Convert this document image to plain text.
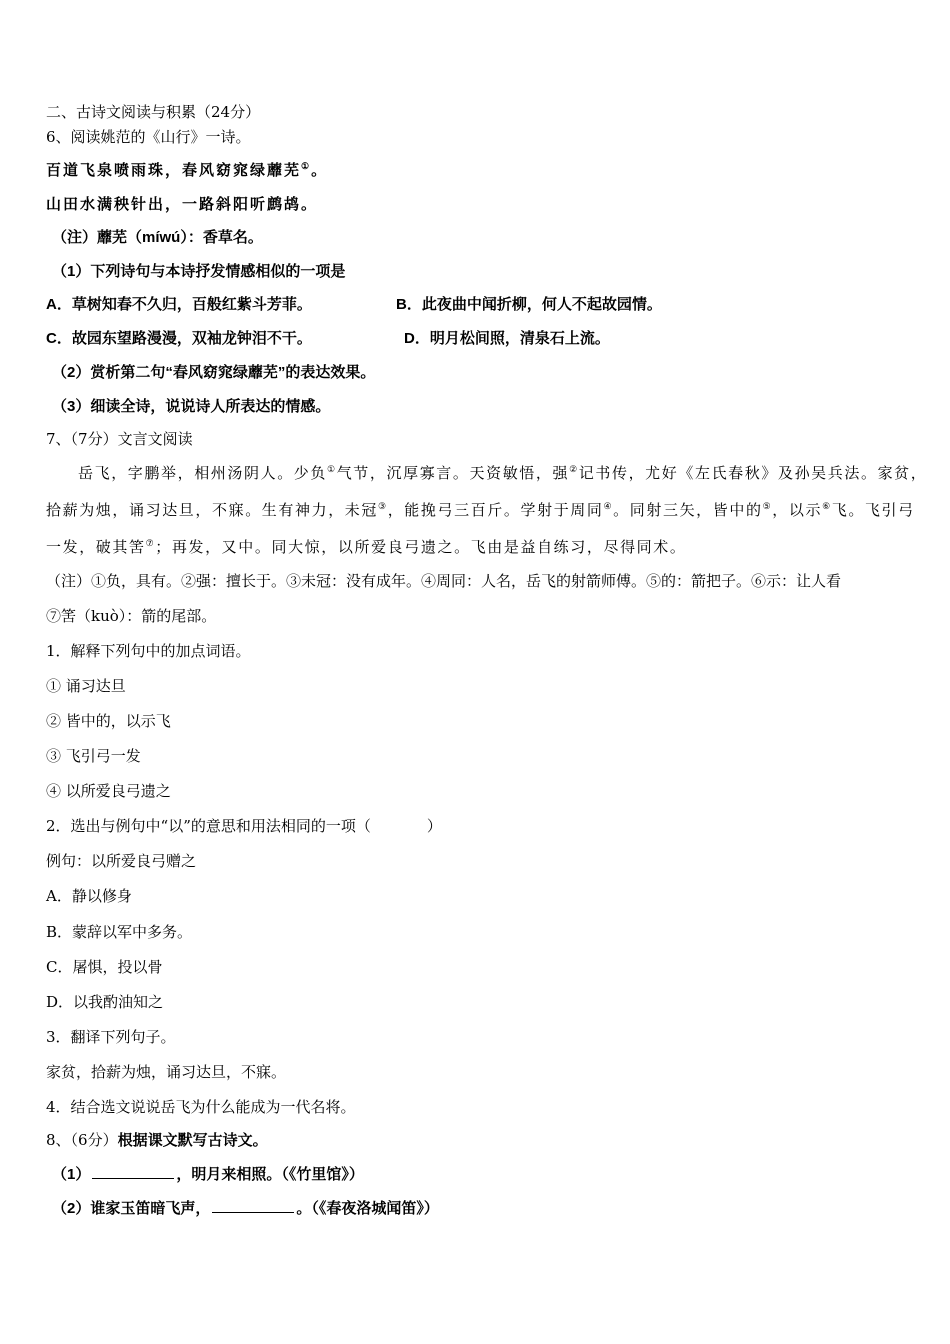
二、古诗文阅读与积累（24分）
6、阅读姚范的《山行》一诗。
百道飞泉喷雨珠，春风窈窕绿蘼芜①。
山田水满秧针出，一路斜阳听鹧鸪。
（注）蘼芜（míwú）：香草名。
（1）下列诗句与本诗抒发情感相似的一项是
A．草树知春不久归，百般红紫斗芳菲。	B．此夜曲中闻折柳，何人不起故园情。
C．故园东望路漫漫，双袖龙钟泪不干。	D．明月松间照，清泉石上流。
（2）赏析第二句“春风窈窕绿蘼芜”的表达效果。
（3）细读全诗，说说诗人所表达的情感。
7、（7分）文言文阅读
岳飞，字鹏举，相州汤阴人。少负①气节，沉厚寡言。天资敏悟，强②记书传，尤好《左氏春秋》及孙吴兵法。家贫，
拾薪为烛，诵习达旦，不寐。生有神力，未冠③，能挽弓三百斤。学射于周同④。同射三矢，皆中的⑤，以示⑥飞。飞引弓
一发，破其筈⑦；再发，又中。同大惊，以所爱良弓遗之。飞由是益自练习，尽得同术。
（注）①负，具有。②强：擅长于。③未冠：没有成年。④周同：人名，岳飞的射箭师傅。⑤的：箭把子。⑥示：让人看
⑦筈（kuò）：箭的尾部。
1．解释下列句中的加点词语。
① 诵习达旦
② 皆中的，以示飞
③ 飞引弓一发
④ 以所爱良弓遗之
2．选出与例句中“以”的意思和用法相同的一项（	）
例句：以所爱良弓赠之
A．静以修身
B．蒙辞以军中多务。
C．屠惧，投以骨
D．以我酌油知之
3．翻译下列句子。
家贫，拾薪为烛，诵习达旦，不寐。
4．结合选文说说岳飞为什么能成为一代名将。
8、（6分）根据课文默写古诗文。
（1）	，明月来相照。（《竹里馆》）
（2）谁家玉笛暗飞声，	。（《春夜洛城闻笛》）
